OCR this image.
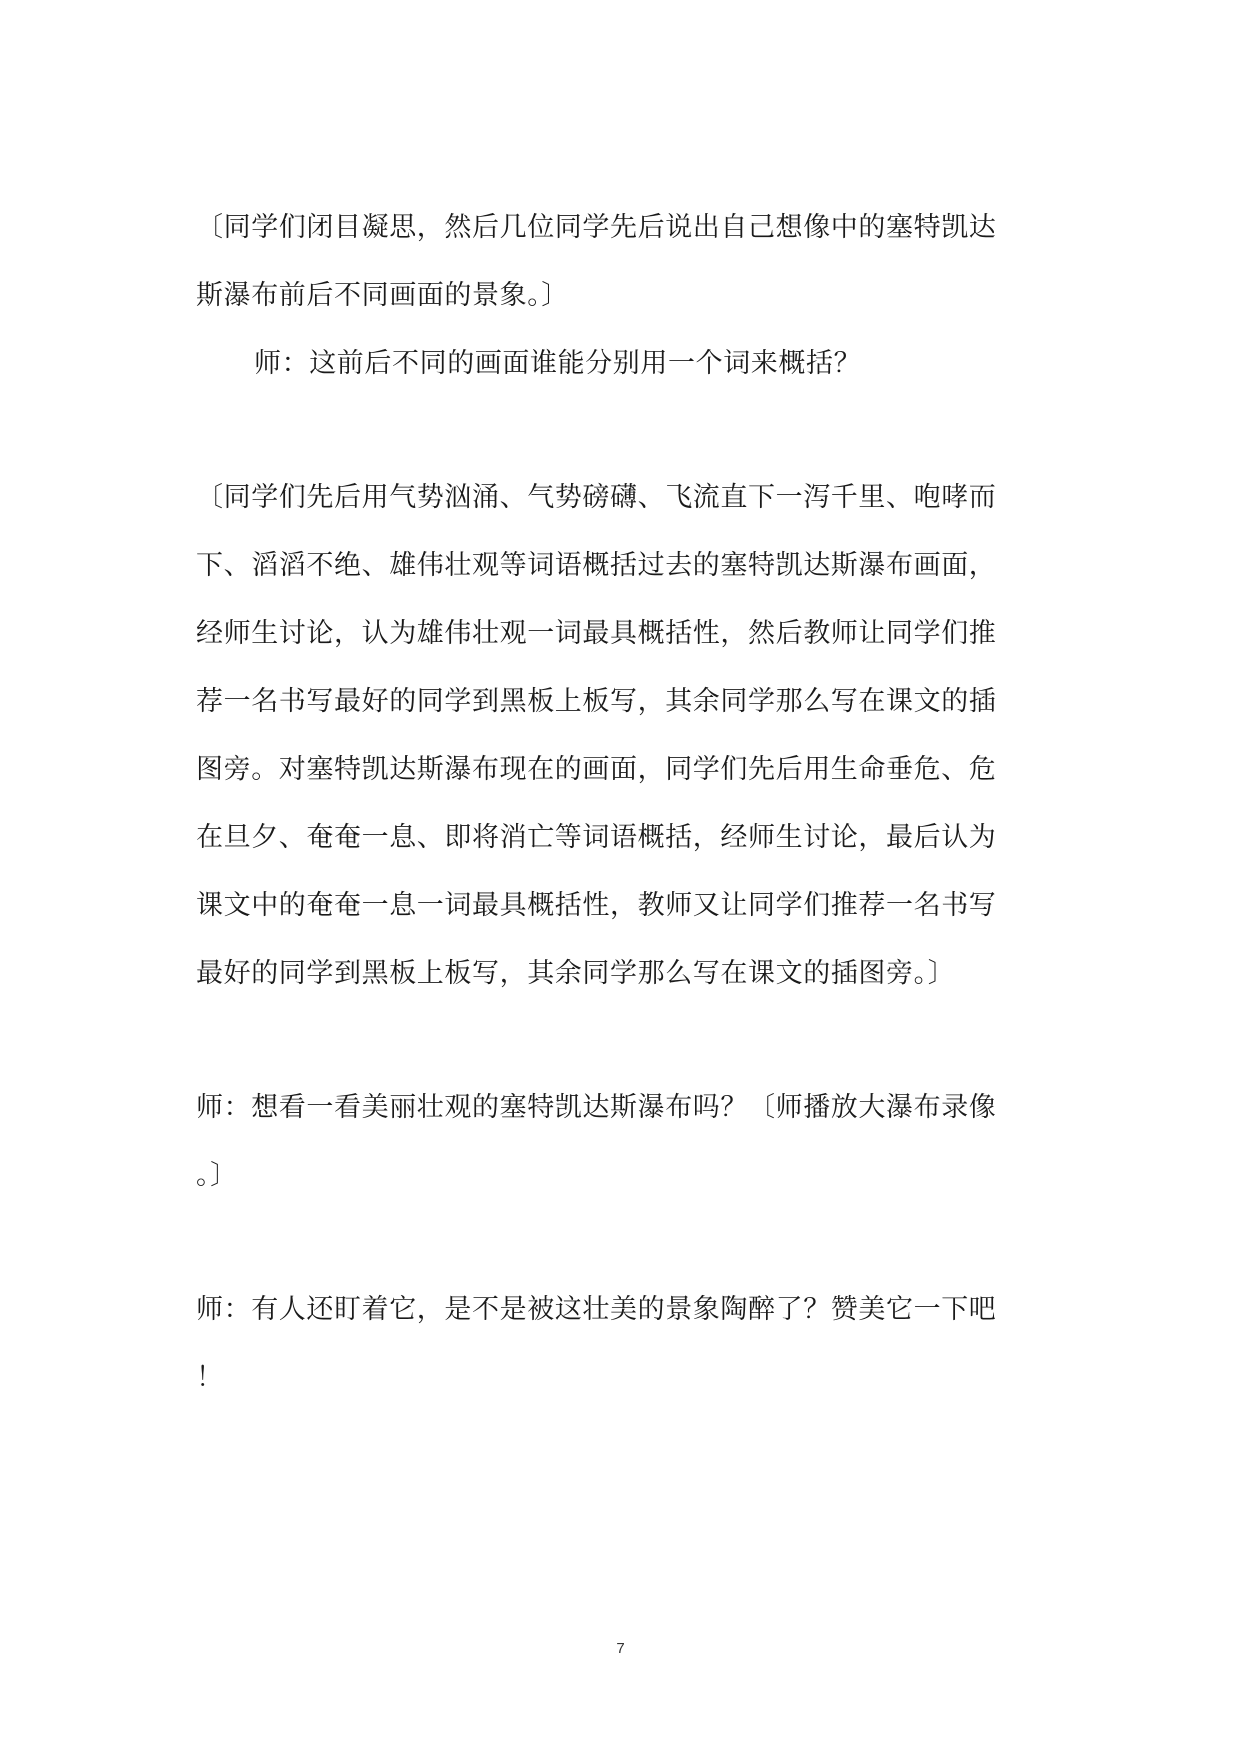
〔同学们闭目凝思，然后几位同学先后说出自己想像中的塞特凯达
斯瀑布前后不同画面的景象。〕
师：这前后不同的画面谁能分别用一个词来概括？
〔同学们先后用气势汹涌、气势磅礴、飞流直下一泻千里、咆哮而
下、滔滔不绝、雄伟壮观等词语概括过去的塞特凯达斯瀑布画面，
经师生讨论，认为雄伟壮观一词最具概括性，然后教师让同学们推
荐一名书写最好的同学到黑板上板写，其余同学那么写在课文的插
图旁。对塞特凯达斯瀑布现在的画面，同学们先后用生命垂危、危
在旦夕、奄奄一息、即将消亡等词语概括，经师生讨论，最后认为
课文中的奄奄一息一词最具概括性，教师又让同学们推荐一名书写
最好的同学到黑板上板写，其余同学那么写在课文的插图旁。〕
师：想看一看美丽壮观的塞特凯达斯瀑布吗？〔师播放大瀑布录像
。〕
师：有人还盯着它，是不是被这壮美的景象陶醉了？赞美它一下吧
！
7
